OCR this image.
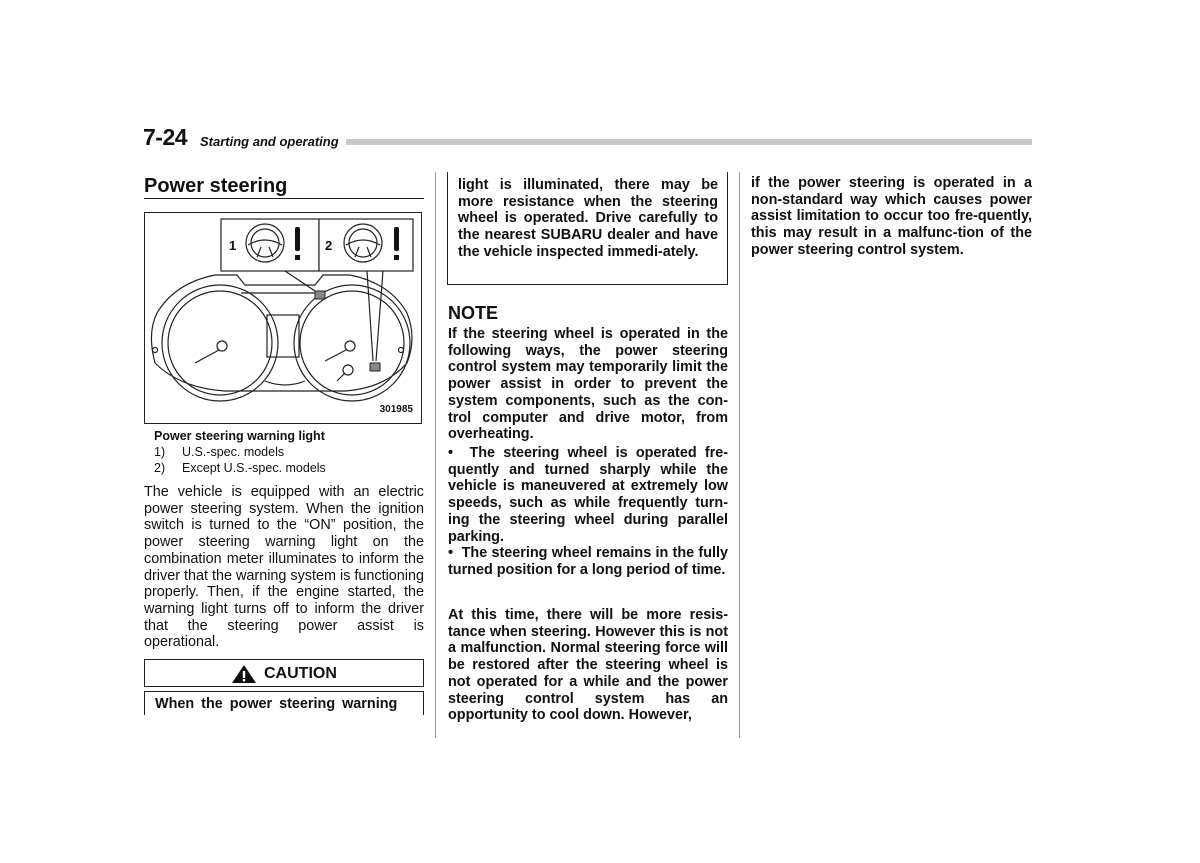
7-24 Starting and operating
Power steering
1	2
301985
Power steering warning light
1) U.S.-spec. models
2) Except U.S.-spec. models
The vehicle is equipped with an electric power steering system. When the ignition switch is turned to the “ON” position, the power steering warning light on the combination meter illuminates to inform the driver that the warning system is functioning properly. Then, if the engine started, the warning light turns off to inform the driver that the steering power assist is operational.
CAUTION
When the power steering warning
light is illuminated, there may be more resistance when the steering wheel is operated. Drive carefully to the nearest SUBARU dealer and have the vehicle inspected immedi-ately.
NOTE
If the steering wheel is operated in the following ways, the power steering control system may temporarily limit the power assist in order to prevent the system components, such as the con-trol computer and drive motor, from overheating.
• The steering wheel is operated fre-quently and turned sharply while the vehicle is maneuvered at extremely low speeds, such as while frequently turn-ing the steering wheel during parallel parking.
• The steering wheel remains in the fully turned position for a long period of time.
At this time, there will be more resis-tance when steering. However this is not a malfunction. Normal steering force will be restored after the steering wheel is not operated for a while and the power steering control system has an opportunity to cool down. However,
if the power steering is operated in a non-standard way which causes power assist limitation to occur too fre-quently, this may result in a malfunc-tion of the power steering control system.
